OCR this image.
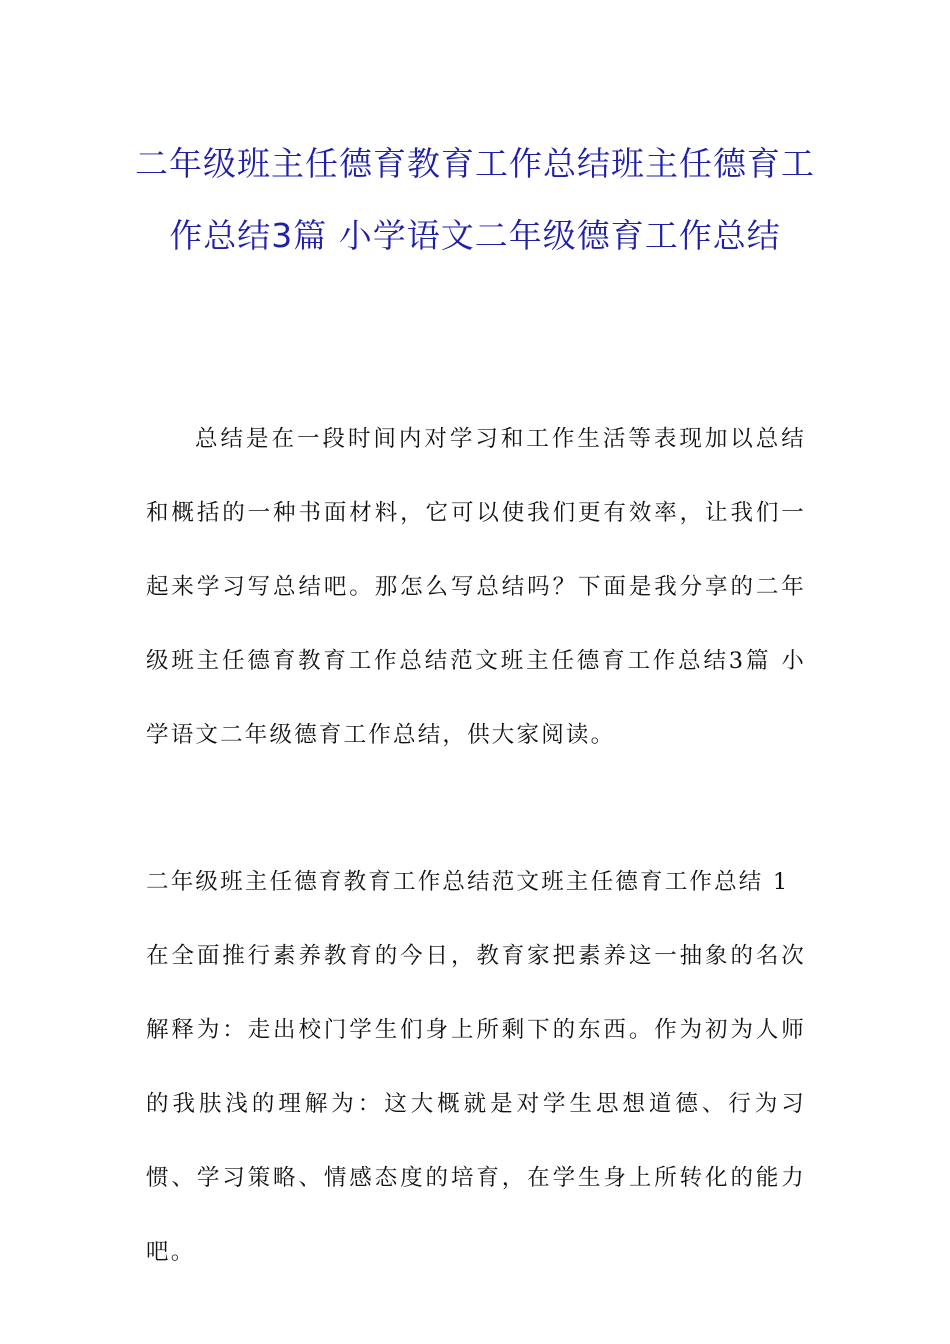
二年级班主任德育教育工作总结班主任德育工作总结3篇 小学语文二年级德育工作总结

总结是在一段时间内对学习和工作生活等表现加以总结和概括的一种书面材料，它可以使我们更有效率，让我们一起来学习写总结吧。那怎么写总结吗？下面是我分享的二年级班主任德育教育工作总结范文班主任德育工作总结3篇 小学语文二年级德育工作总结，供大家阅读。

二年级班主任德育教育工作总结范文班主任德育工作总结 1

在全面推行素养教育的今日，教育家把素养这一抽象的名次解释为：走出校门学生们身上所剩下的东西。作为初为人师的我肤浅的理解为：这大概就是对学生思想道德、行为习惯、学习策略、情感态度的培育，在学生身上所转化的能力吧。
